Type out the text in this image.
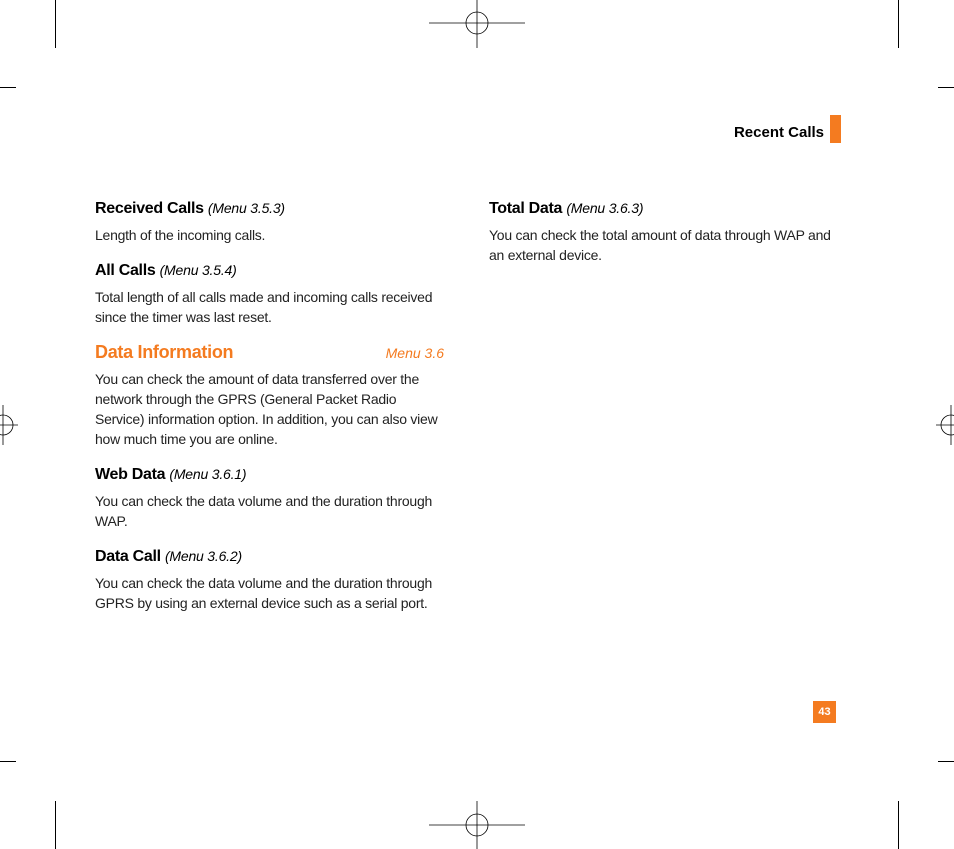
Recent Calls

Received Calls (Menu 3.5.3)

Length of the incoming calls.

All Calls (Menu 3.5.4)

Total length of all calls made and incoming calls received since the timer was last reset.

Data Information	Menu 3.6

You can check the amount of data transferred over the network through the GPRS (General Packet Radio Service) information option. In addition, you can also view how much time you are online.

Web Data (Menu 3.6.1)

You can check the data volume and the duration through WAP.

Data Call (Menu 3.6.2)

You can check the data volume and the duration through GPRS by using an external device such as a serial port.

Total Data (Menu 3.6.3)

You can check the total amount of data through WAP and an external device.

43
